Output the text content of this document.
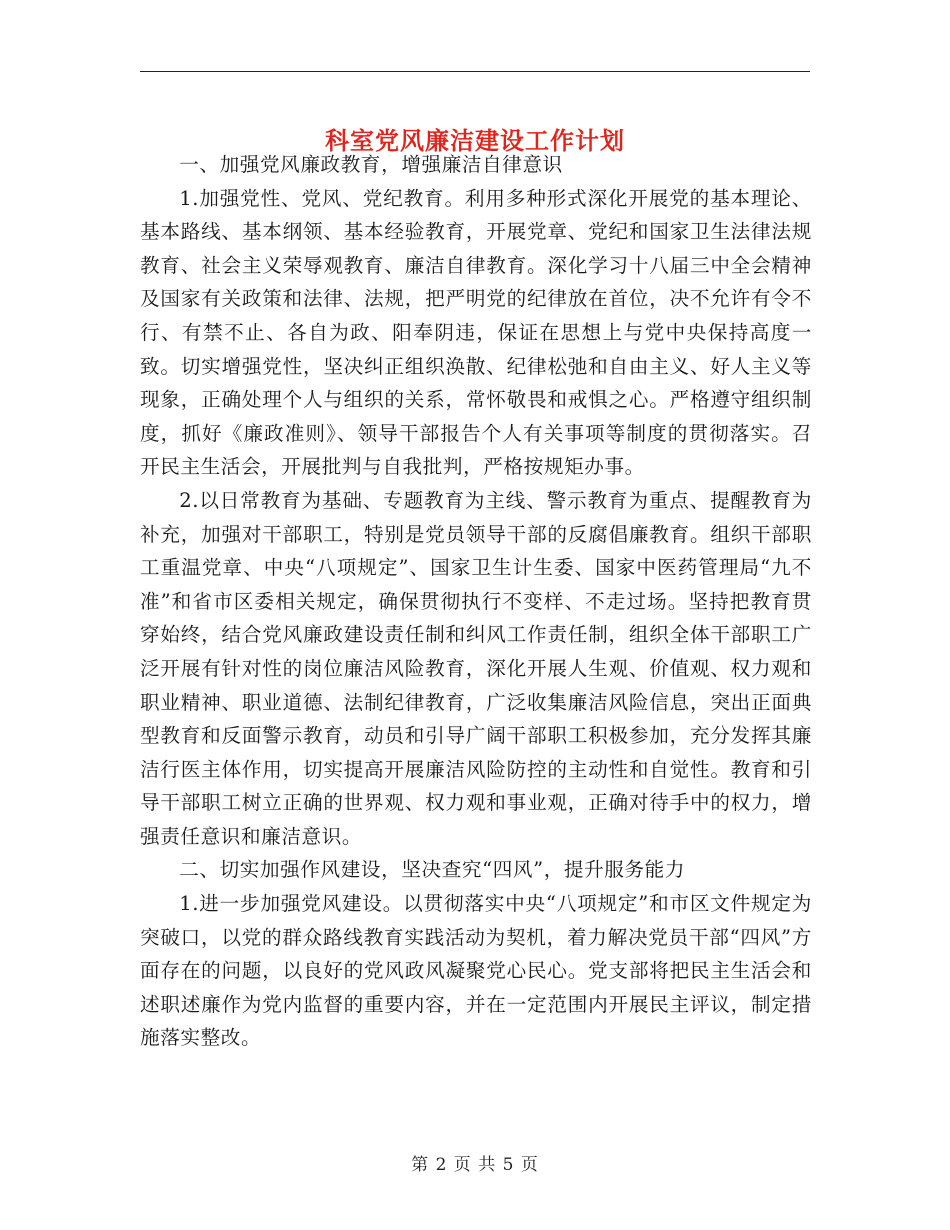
科室党风廉洁建设工作计划

一、加强党风廉政教育，增强廉洁自律意识

1.加强党性、党风、党纪教育。利用多种形式深化开展党的基本理论、基本路线、基本纲领、基本经验教育，开展党章、党纪和国家卫生法律法规教育、社会主义荣辱观教育、廉洁自律教育。深化学习十八届三中全会精神及国家有关政策和法律、法规，把严明党的纪律放在首位，决不允许有令不行、有禁不止、各自为政、阳奉阴违，保证在思想上与党中央保持高度一致。切实增强党性，坚决纠正组织涣散、纪律松弛和自由主义、好人主义等现象，正确处理个人与组织的关系，常怀敬畏和戒惧之心。严格遵守组织制度，抓好《廉政准则》、领导干部报告个人有关事项等制度的贯彻落实。召开民主生活会，开展批判与自我批判，严格按规矩办事。

2.以日常教育为基础、专题教育为主线、警示教育为重点、提醒教育为补充，加强对干部职工，特别是党员领导干部的反腐倡廉教育。组织干部职工重温党章、中央“八项规定”、国家卫生计生委、国家中医药管理局“九不准”和省市区委相关规定，确保贯彻执行不变样、不走过场。坚持把教育贯穿始终，结合党风廉政建设责任制和纠风工作责任制，组织全体干部职工广泛开展有针对性的岗位廉洁风险教育，深化开展人生观、价值观、权力观和职业精神、职业道德、法制纪律教育，广泛收集廉洁风险信息，突出正面典型教育和反面警示教育，动员和引导广阔干部职工积极参加，充分发挥其廉洁行医主体作用，切实提高开展廉洁风险防控的主动性和自觉性。教育和引导干部职工树立正确的世界观、权力观和事业观，正确对待手中的权力，增强责任意识和廉洁意识。

二、切实加强作风建设，坚决查究“四风”，提升服务能力

1.进一步加强党风建设。以贯彻落实中央“八项规定”和市区文件规定为突破口，以党的群众路线教育实践活动为契机，着力解决党员干部“四风”方面存在的问题，以良好的党风政风凝聚党心民心。党支部将把民主生活会和述职述廉作为党内监督的重要内容，并在一定范围内开展民主评议，制定措施落实整改。

第 2 页 共 5 页
